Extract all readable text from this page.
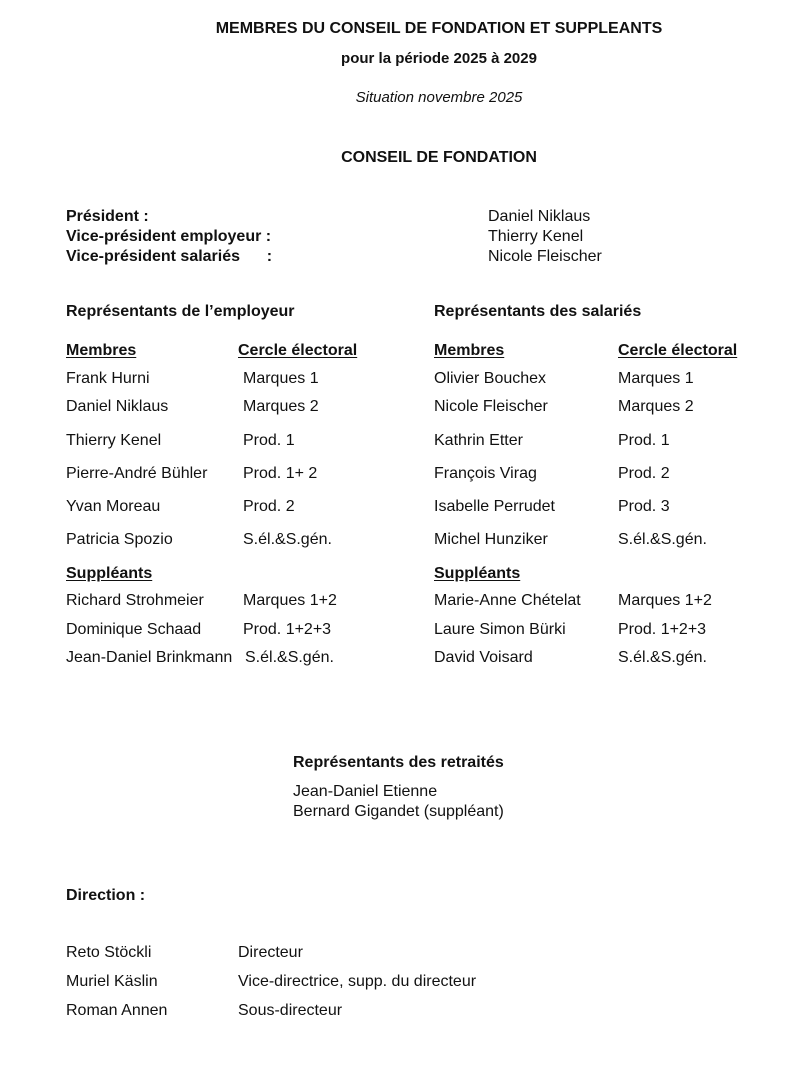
MEMBRES DU CONSEIL DE FONDATION ET SUPPLEANTS
pour la période 2025 à 2029
Situation novembre 2025
CONSEIL DE FONDATION
Président :	Daniel Niklaus
Vice-président employeur :	Thierry Kenel
Vice-président salariés      :	Nicole Fleischer
Représentants de l’employeur
Membres	Cercle électoral
Frank Hurni	Marques 1
Daniel Niklaus	Marques 2
Thierry Kenel	Prod. 1
Pierre-André Bühler Prod. 1+ 2
Yvan Moreau	Prod. 2
Patricia Spozio	S.él.&S.gén.
Suppléants
Richard Strohmeier Marques 1+2
Dominique Schaad	Prod. 1+2+3
Jean-Daniel Brinkmann S.él.&S.gén.
Représentants des salariés
Membres	Cercle électoral
Olivier Bouchex	Marques 1
Nicole Fleischer	Marques 2
Kathrin Etter	Prod. 1
François Virag	Prod. 2
Isabelle Perrudet	Prod. 3
Michel Hunziker	S.él.&S.gén.
Suppléants
Marie-Anne Chételat Marques 1+2
Laure Simon Bürki	Prod. 1+2+3
David Voisard	S.él.&S.gén.
Représentants des retraités
Jean-Daniel Etienne
Bernard Gigandet (suppléant)
Direction :
Reto Stöckli	Directeur
Muriel Käslin	Vice-directrice, supp. du directeur
Roman Annen	Sous-directeur
